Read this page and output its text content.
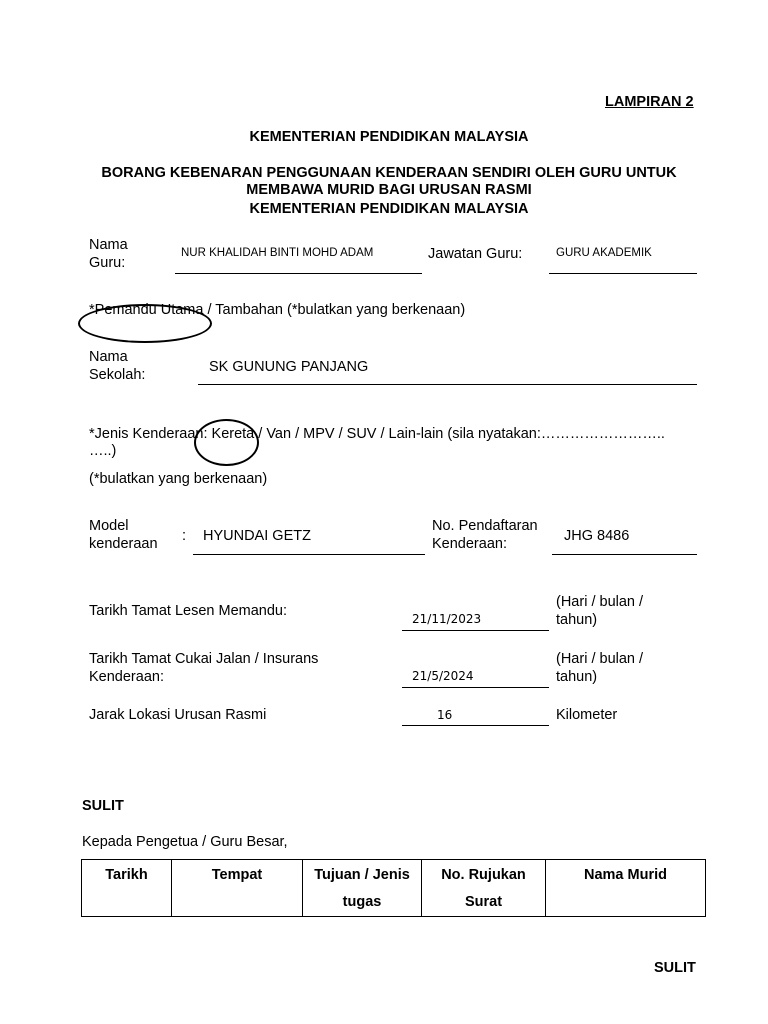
LAMPIRAN 2
KEMENTERIAN PENDIDIKAN MALAYSIA
BORANG KEBENARAN PENGGUNAAN KENDERAAN SENDIRI OLEH GURU UNTUK
MEMBAWA MURID BAGI URUSAN RASMI
KEMENTERIAN PENDIDIKAN MALAYSIA
Nama
Guru:
NUR KHALIDAH BINTI MOHD ADAM	Jawatan Guru:	GURU AKADEMIK
*Pemandu Utama / Tambahan (*bulatkan yang berkenaan)
Nama
Sekolah:	SK GUNUNG PANJANG
*Jenis Kenderaan: Kereta / Van / MPV / SUV / Lain-lain (sila nyatakan:……………………..
…..)
(*bulatkan yang berkenaan)
Model
kenderaan : HYUNDAI GETZ
No. Pendaftaran
Kenderaan:	JHG 8486
Tarikh Tamat Lesen Memandu:	21/11/2023
(Hari / bulan /
tahun)
Tarikh Tamat Cukai Jalan / Insurans
Kenderaan:	21/5/2024
(Hari / bulan /
tahun)
Jarak Lokasi Urusan Rasmi	16	Kilometer
SULIT
Kepada Pengetua / Guru Besar,
Tarikh	Tempat	Tujuan / Jenis tugas	No. Rujukan Surat	Nama Murid
SULIT
